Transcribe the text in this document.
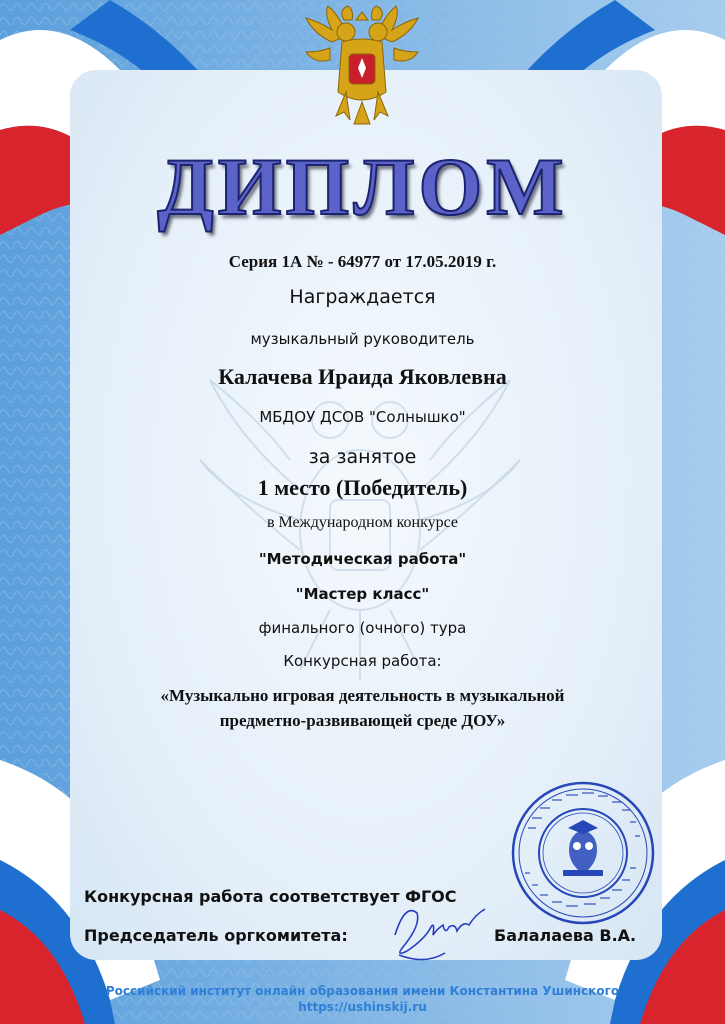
ДИПЛОМ
Серия 1А № - 64977 от 17.05.2019 г.
Награждается
музыкальный руководитель
Калачева Ираида Яковлевна
МБДОУ ДСОВ "Солнышко"
за занятое
1 место (Победитель)
в Международном конкурсе
"Методическая работа"
"Мастер класс"
финального (очного) тура
Конкурсная работа:
«Музыкально игровая деятельность в музыкальной
предметно-развивающей среде ДОУ»
Конкурсная работа соответствует ФГОС
Председатель оргкомитета:	Балалаева В.А.
Российский институт онлайн образования имени Константина Ушинского
https://ushinskij.ru
